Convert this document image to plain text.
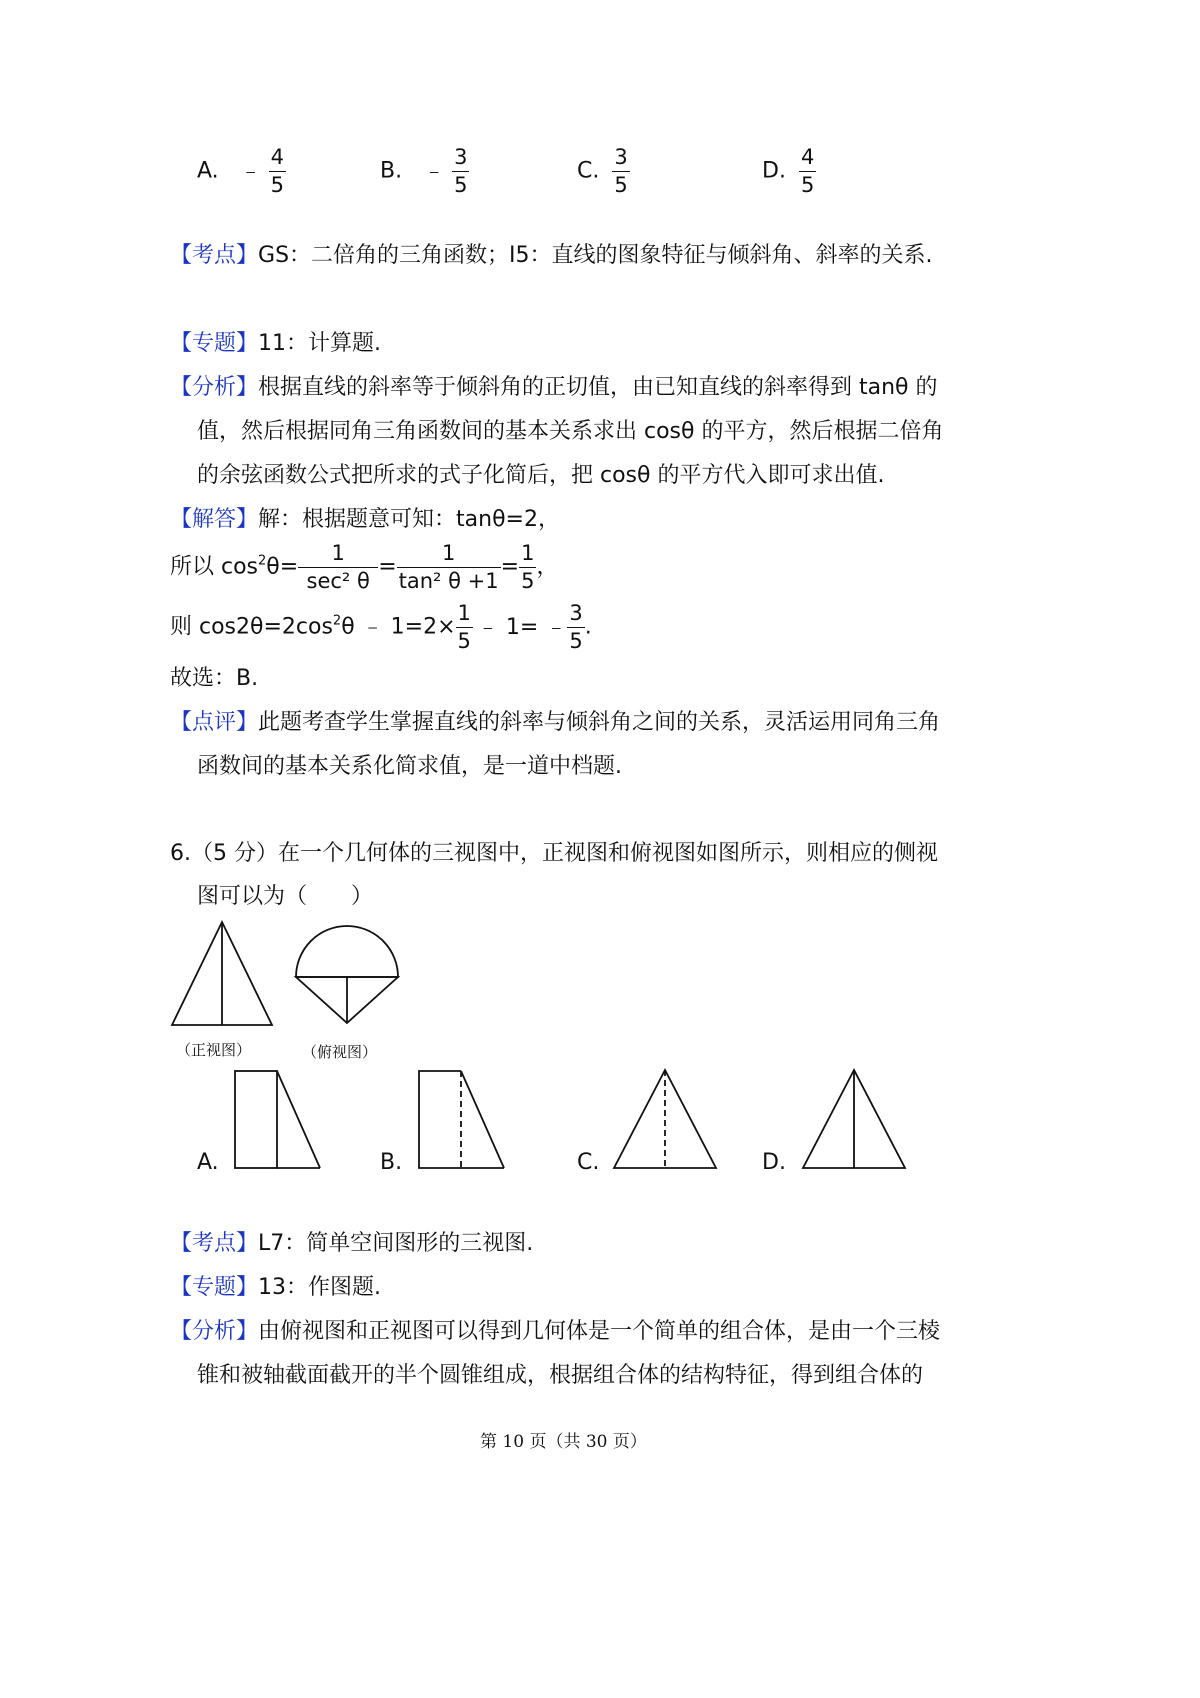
A. ﹣ $\frac{4}{5}$	B. ﹣ $\frac{3}{5}$	C. $\frac{3}{5}$	D. $\frac{4}{5}$
【考点】GS：二倍角的三角函数；I5：直线的图象特征与倾斜角、斜率的关系.
【专题】11：计算题.
【分析】根据直线的斜率等于倾斜角的正切值，由已知直线的斜率得到 tanθ 的
值，然后根据同角三角函数间的基本关系求出 cosθ 的平方，然后根据二倍角
的余弦函数公式把所求的式子化简后，把 cosθ 的平方代入即可求出值.
【解答】解：根据题意可知：tanθ=2，
所以 $\cos^2\theta= \frac{1}{\text{sec² θ}} = \frac{1}{\text{tan² θ +1}} = \frac{1}{5}$ ，
则 $\cos 2\theta=2\cos^2\theta$ ﹣ $1=2\times \frac{1}{5}$ ﹣ 1= ﹣ $\frac{3}{5}$ .
故选：B.
【点评】此题考查学生掌握直线的斜率与倾斜角之间的关系，灵活运用同角三角
函数间的基本关系化简求值，是一道中档题.
6.（5 分）在一个几何体的三视图中，正视图和俯视图如图所示，则相应的侧视
图可以为（　　）
（正视图）	（俯视图）
A.	B.	C.	D.
【考点】L7：简单空间图形的三视图.
【专题】13：作图题.
【分析】由俯视图和正视图可以得到几何体是一个简单的组合体，是由一个三棱
锥和被轴截面截开的半个圆锥组成，根据组合体的结构特征，得到组合体的
第 10 页（共 30 页）
